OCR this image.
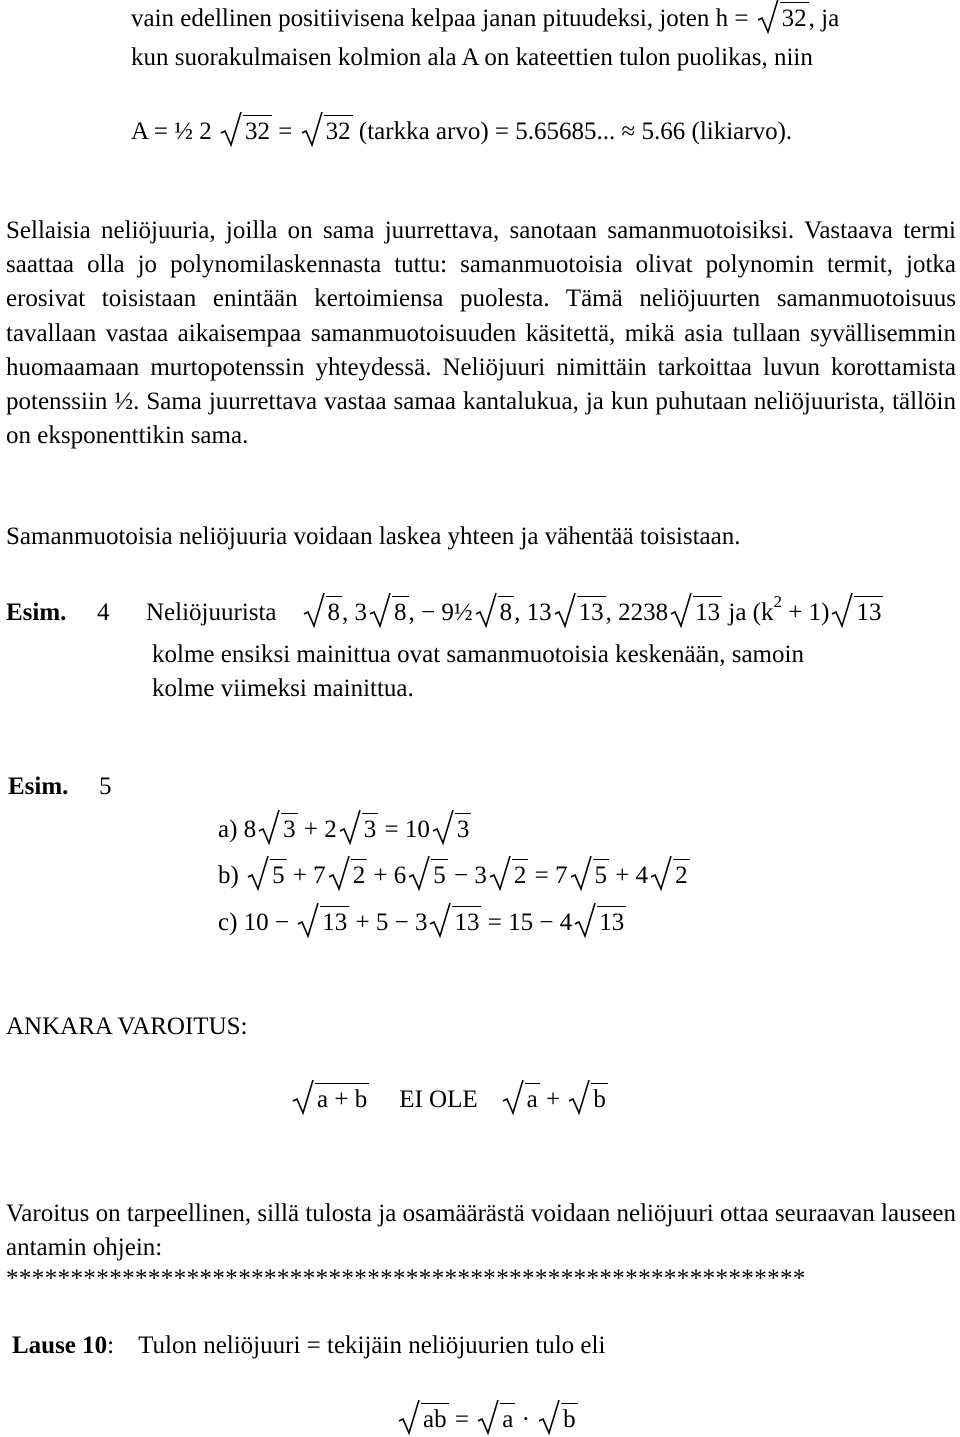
vain edellinen positiivisena kelpaa janan pituudeksi, joten h = 32, ja
kun suorakulmaisen kolmion ala A on kateettien tulon puolikas, niin
A = ½ 2
32 =
32 (tarkka arvo) = 5.65685... ≈ 5.66 (likiarvo).

Sellaisia neliöjuuria, joilla on sama juurrettava, sanotaan samanmuotoisiksi. Vastaava termi saattaa olla jo polynomilaskennasta tuttu: samanmuotoisia olivat polynomin termit, jotka erosivat toisistaan enintään kertoimiensa puolesta. Tämä neliöjuurten samanmuotoisuus tavallaan vastaa aikaisempaa samanmuotoisuuden käsitettä, mikä asia tullaan syvällisemmin huomaamaan murtopotenssin yhteydessä. Neliöjuuri nimittäin tarkoittaa luvun korottamista potenssiin ½. Sama juurrettava vastaa samaa kantalukua, ja kun puhutaan neliöjuurista, tällöin on eksponenttikin sama.

Samanmuotoisia neliöjuuria voidaan laskea yhteen ja vähentää toisistaan.

Esim. 4 Neliöjuurista 8, 3 8, − 9½ 8, 13 13, 2238 13 ja $(k^2 + 1)$ 13
kolme ensiksi mainittua ovat samanmuotoisia keskenään, samoin
kolme viimeksi mainittua.
Esim. 5
a) 8 3 + 2 3 = 10 3
b)
5 + 7 2 + 6 5 − 3 2 = 7 5 + 4 2
c) 10 −
13 + 5 − 3 13 = 15 − 4 13
ANKARA VAROITUS:
a + b EI OLE a +
b

Varoitus on tarpeellinen, sillä tulosta ja osamäärästä voidaan neliöjuuri ottaa seuraavan lauseen antamin ohjein:

**************************************************************
Lause 10: Tulon neliöjuuri = tekijäin neliöjuurien tulo eli
ab =
a ·
b
